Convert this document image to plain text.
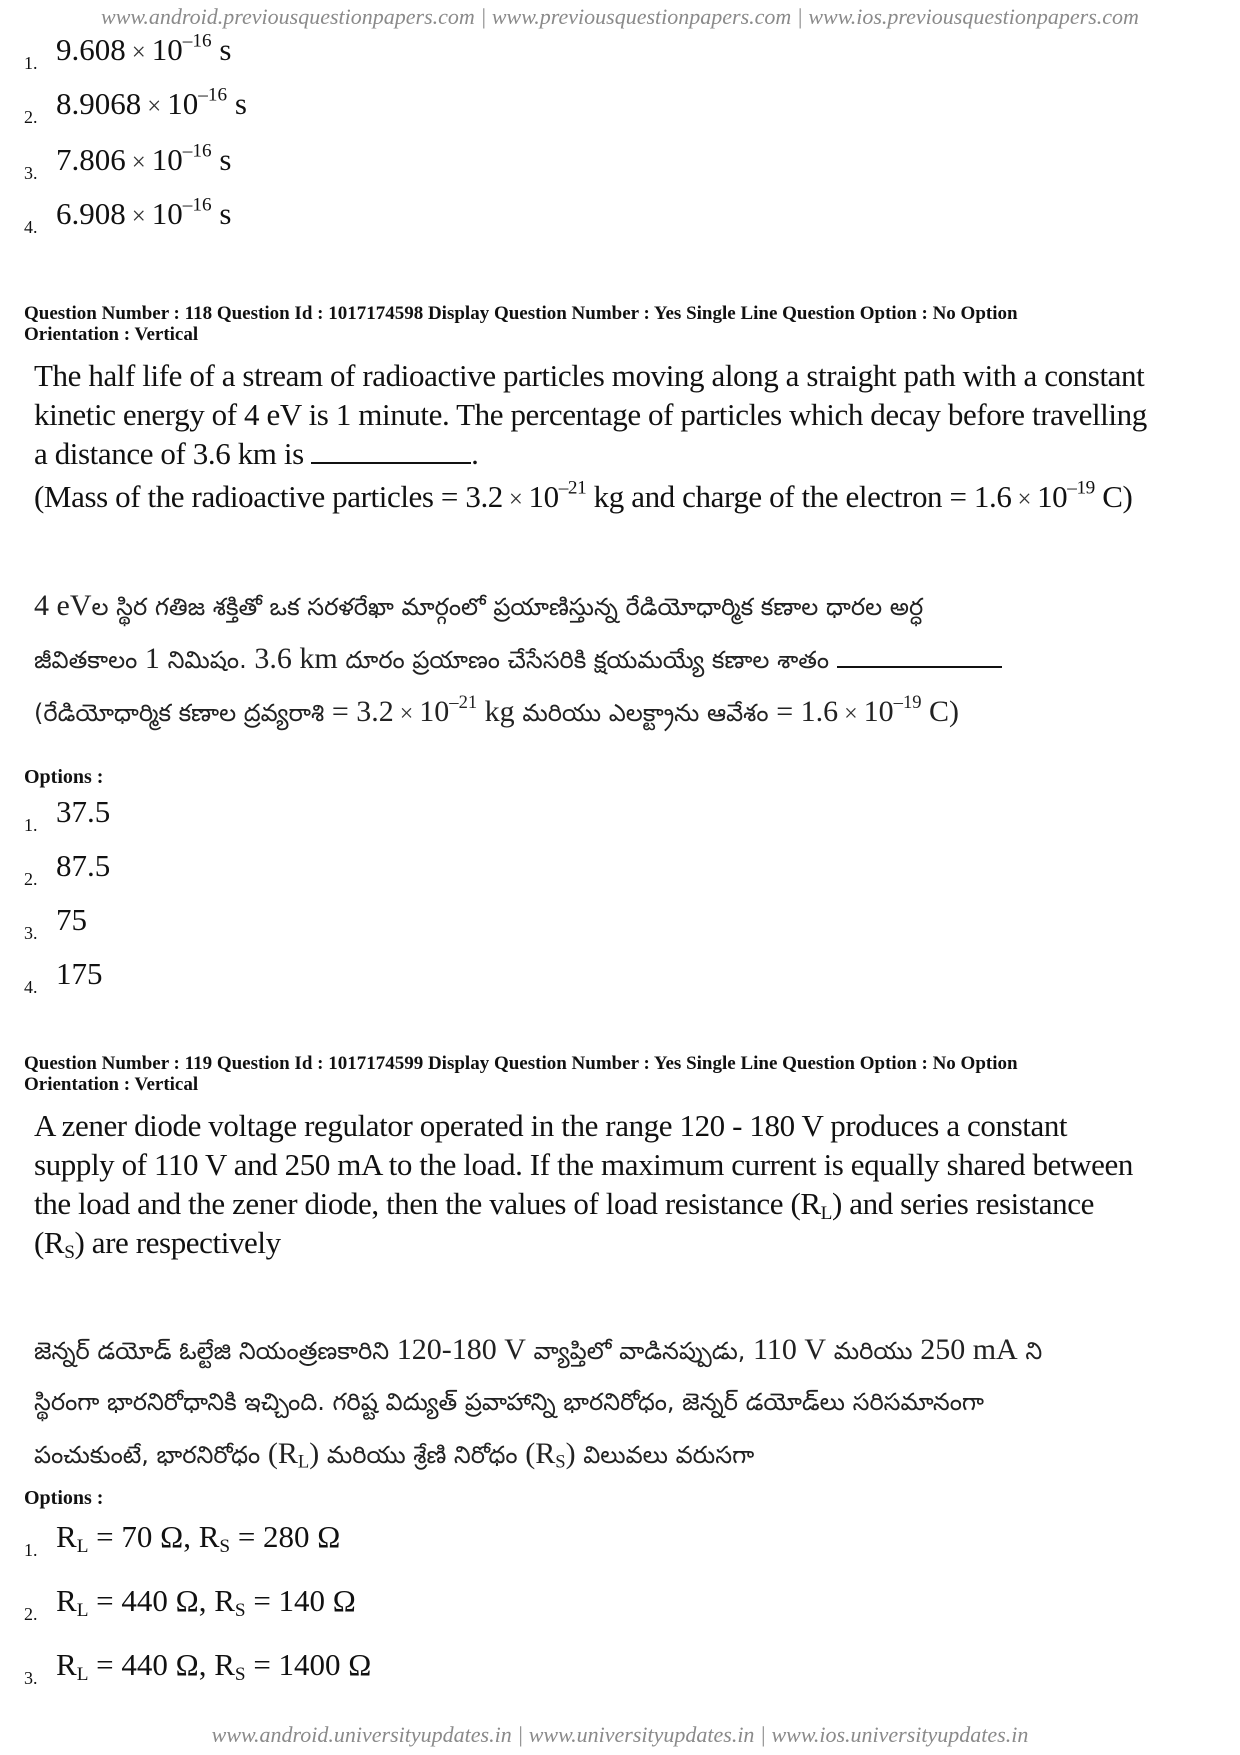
www.android.previousquestionpapers.com | www.previousquestionpapers.com | www.ios.previousquestionpapers.com
1. $9.608 \times 10^{-16}$ s
2. $8.9068 \times 10^{-16}$ s
3. $7.806 \times 10^{-16}$ s
4. $6.908 \times 10^{-16}$ s
Question Number : 118 Question Id : 1017174598 Display Question Number : Yes Single Line Question Option : No Option
Orientation : Vertical
The half life of a stream of radioactive particles moving along a straight path with a constant
kinetic energy of 4 eV is 1 minute. The percentage of particles which decay before travelling
a distance of 3.6 km is	.
(Mass of the radioactive particles = $3.2 \times 10^{-21}$ kg and charge of the electron = $1.6 \times 10^{-19}$ C)
4 eVల స్థిర గతిజ శక్తితో ఒక సరళరేఖా మార్గంలో ప్రయాణిస్తున్న రేడియోధార్మిక కణాల ధారల అర్ధ
జీవితకాలం 1 నిమిషం. 3.6 km దూరం ప్రయాణం చేసేసరికి క్షయమయ్యే కణాల శాతం
(రేడియోధార్మిక కణాల ద్రవ్యరాశి = $3.2 \times 10^{-21}$ kg మరియు ఎలక్ట్రాను ఆవేశం = $1.6 \times 10^{-19}$ C)
Options :
1. 37.5
2. 87.5
3. 75
4. 175
Question Number : 119 Question Id : 1017174599 Display Question Number : Yes Single Line Question Option : No Option
Orientation : Vertical
A zener diode voltage regulator operated in the range 120 - 180 V produces a constant
supply of 110 V and 250 mA to the load. If the maximum current is equally shared between
the load and the zener diode, then the values of load resistance $(R_L)$ and series resistance
$(R_S)$ are respectively
జెన్నర్ డయోడ్ ఓల్టేజి నియంత్రణకారిని 120-180 V వ్యాప్తిలో వాడినప్పుడు, 110 V మరియు 250 mA ని
స్థిరంగా భారనిరోధానికి ఇచ్చింది. గరిష్ట విద్యుత్ ప్రవాహాన్ని భారనిరోధం, జెన్నర్ డయోడ్‌లు సరిసమానంగా
పంచుకుంటే, భారనిరోధం $(R_L)$ మరియు శ్రేణి నిరోధం $(R_S)$ విలువలు వరుసగా
Options :
1. $R_L = 70$ Ω, $R_S = 280$ Ω
2. $R_L = 440$ Ω, $R_S = 140$ Ω
3. $R_L = 440$ Ω, $R_S = 1400$ Ω
www.android.universityupdates.in | www.universityupdates.in | www.ios.universityupdates.in
